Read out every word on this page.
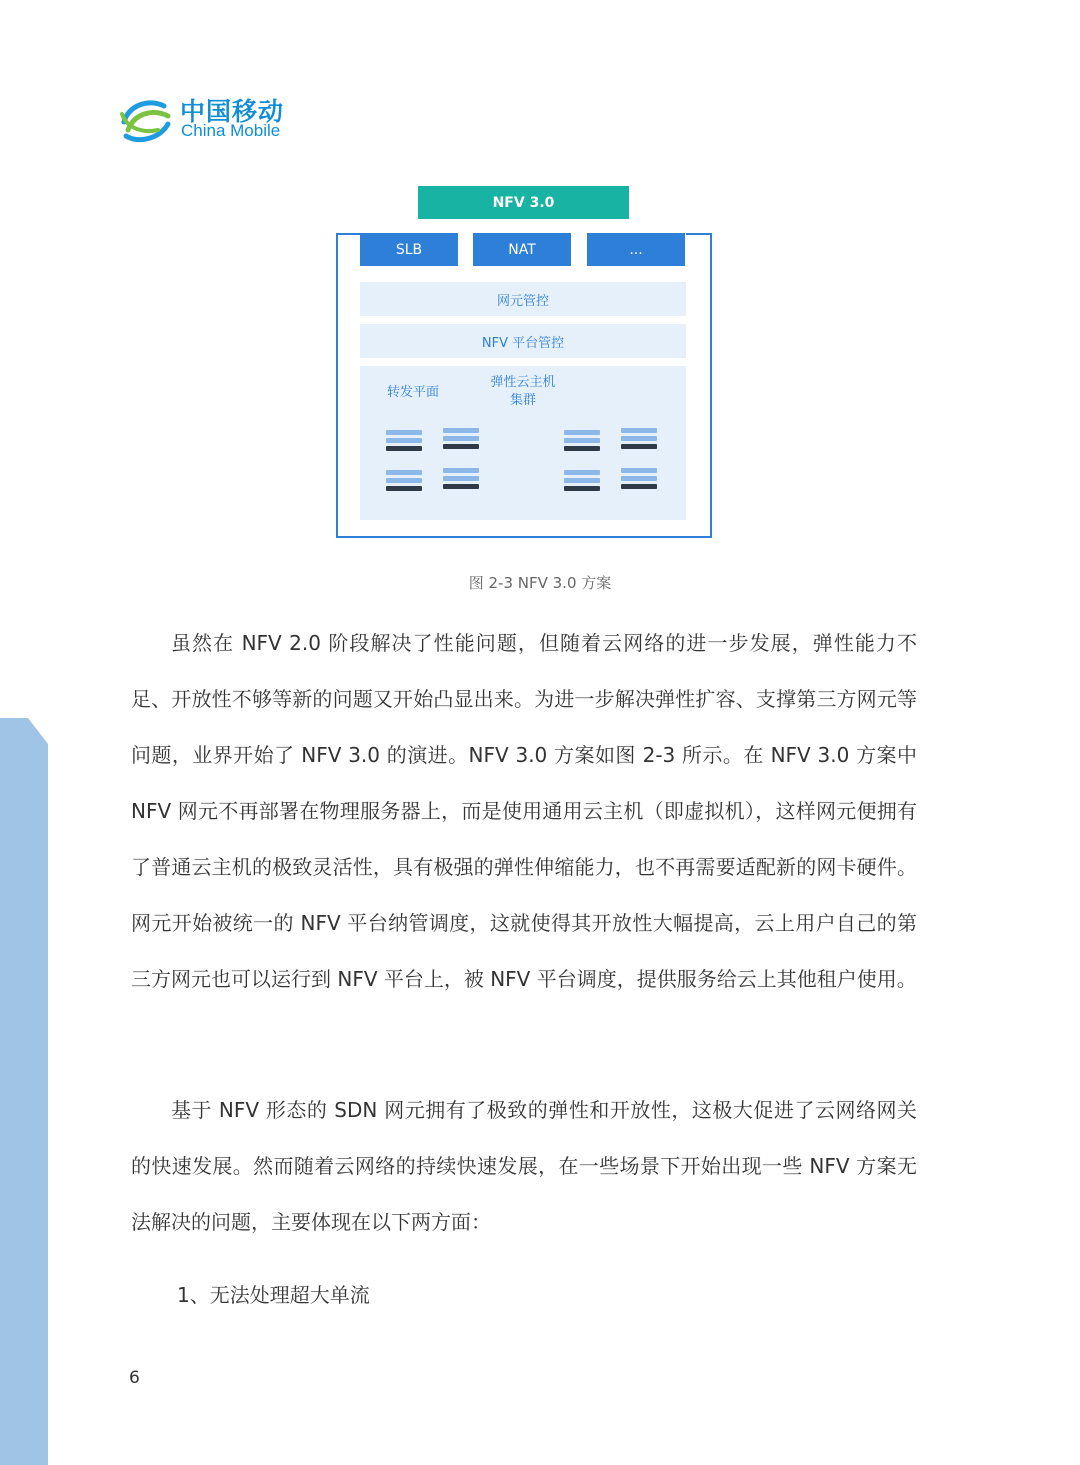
中国移动
China Mobile
NFV 3.0
SLB	NAT	...
网元管控
NFV 平台管控
转发平面
弹性云主机
集群
图 2-3 NFV 3.0 方案

虽然在 NFV 2.0 阶段解决了性能问题，但随着云网络的进一步发展，弹性能力不足、开放性不够等新的问题又开始凸显出来。为进一步解决弹性扩容、支撑第三方网元等问题，业界开始了 NFV 3.0 的演进。NFV 3.0 方案如图 2-3 所示。在 NFV 3.0 方案中 NFV 网元不再部署在物理服务器上，而是使用通用云主机（即虚拟机），这样网元便拥有了普通云主机的极致灵活性，具有极强的弹性伸缩能力，也不再需要适配新的网卡硬件。网元开始被统一的 NFV 平台纳管调度，这就使得其开放性大幅提高，云上用户自己的第三方网元也可以运行到 NFV 平台上，被 NFV 平台调度，提供服务给云上其他租户使用。

基于 NFV 形态的 SDN 网元拥有了极致的弹性和开放性，这极大促进了云网络网关的快速发展。然而随着云网络的持续快速发展，在一些场景下开始出现一些 NFV 方案无法解决的问题，主要体现在以下两方面：

1、无法处理超大单流

6
